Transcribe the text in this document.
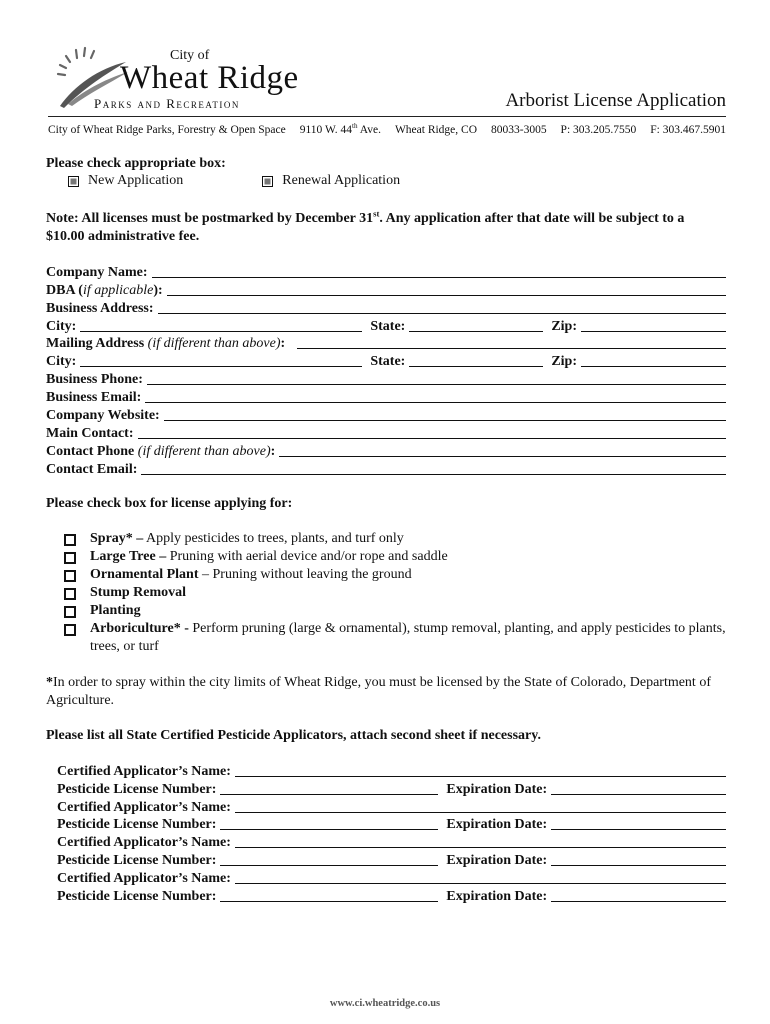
City of
Wheat Ridge
Parks and Recreation	Arborist License Application
City of Wheat Ridge Parks, Forestry & Open Space 9110 W. 44th Ave. Wheat Ridge, CO 80033-3005 P: 303.205.7550 F: 303.467.5901
Please check appropriate box:
New Application	Renewal Application
Note: All licenses must be postmarked by December 31st. Any application after that date will be subject to a $10.00 administrative fee.
Company Name:
DBA (if applicable):
Business Address:
City:	State:	Zip:
Mailing Address (if different than above):
City:	State:	Zip:
Business Phone:
Business Email:
Company Website:
Main Contact:
Contact Phone (if different than above):
Contact Email:
Please check box for license applying for:
Spray* – Apply pesticides to trees, plants, and turf only
Large Tree – Pruning with aerial device and/or rope and saddle
Ornamental Plant – Pruning without leaving the ground
Stump Removal
Planting
Arboriculture* - Perform pruning (large & ornamental), stump removal, planting, and apply pesticides to plants, trees, or turf
*In order to spray within the city limits of Wheat Ridge, you must be licensed by the State of Colorado, Department of Agriculture.
Please list all State Certified Pesticide Applicators, attach second sheet if necessary.
Certified Applicator’s Name:
Pesticide License Number:	Expiration Date:
Certified Applicator’s Name:
Pesticide License Number:	Expiration Date:
Certified Applicator’s Name:
Pesticide License Number:	Expiration Date:
Certified Applicator’s Name:
Pesticide License Number:	Expiration Date:
www.ci.wheatridge.co.us
